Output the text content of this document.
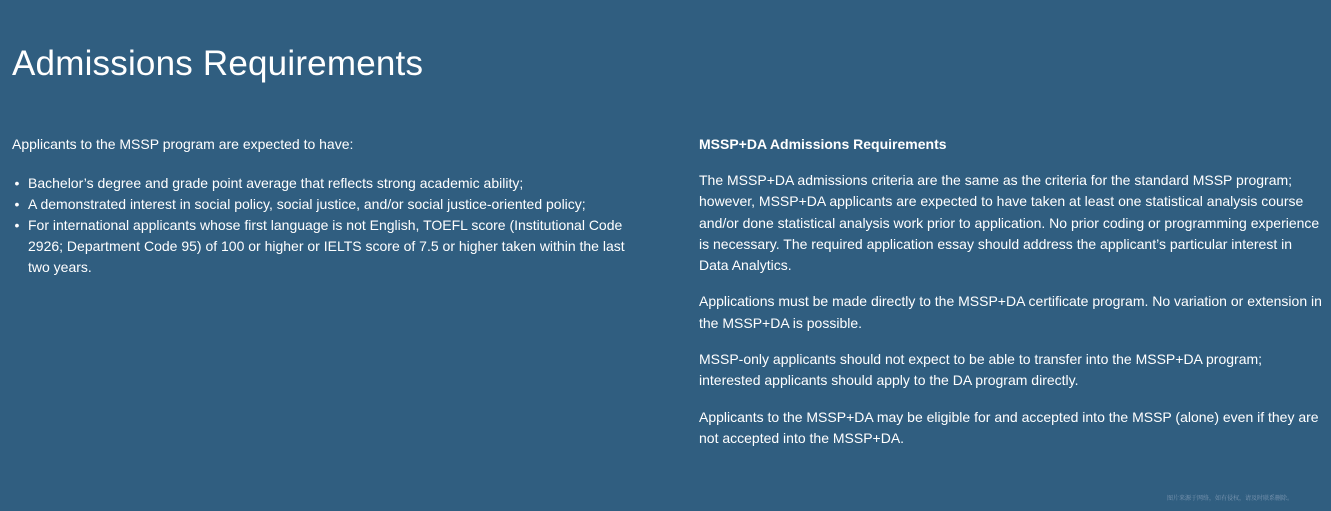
Admissions Requirements

Applicants to the MSSP program are expected to have:

• Bachelor’s degree and grade point average that reflects strong academic ability;
• A demonstrated interest in social policy, social justice, and/or social justice-oriented policy;
• For international applicants whose first language is not English, TOEFL score (Institutional Code 2926; Department Code 95) of 100 or higher or IELTS score of 7.5 or higher taken within the last two years.
MSSP+DA Admissions Requirements

The MSSP+DA admissions criteria are the same as the criteria for the standard MSSP program; however, MSSP+DA applicants are expected to have taken at least one statistical analysis course and/or done statistical analysis work prior to application. No prior coding or programming experience is necessary. The required application essay should address the applicant’s particular interest in Data Analytics.

Applications must be made directly to the MSSP+DA certificate program. No variation or extension in the MSSP+DA is possible.

MSSP-only applicants should not expect to be able to transfer into the MSSP+DA program; interested applicants should apply to the DA program directly.

Applicants to the MSSP+DA may be eligible for and accepted into the MSSP (alone) even if they are not accepted into the MSSP+DA.

图片来源于网络，如有侵权，请及时联系删除。
